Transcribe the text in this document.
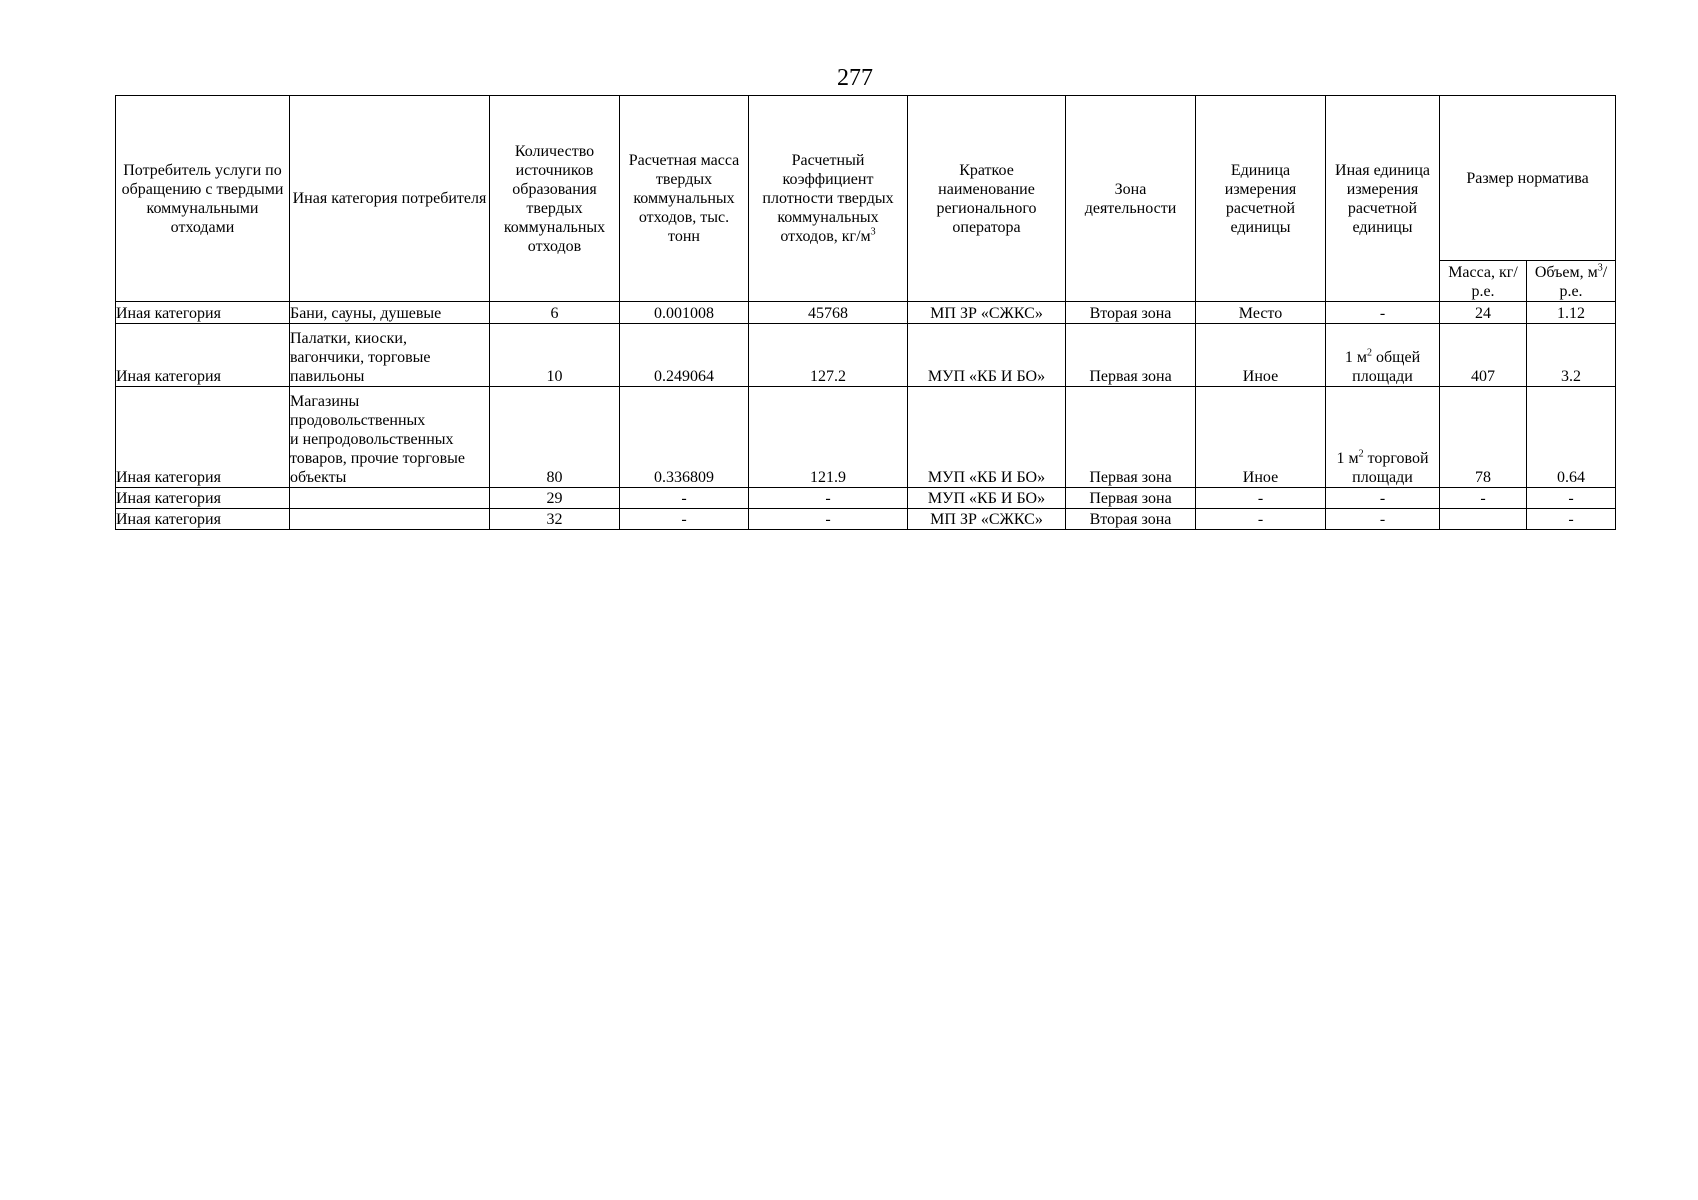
277
Потребитель услуги по обращению с твердыми коммунальными отходами	Иная категория потребителя	Количество источников образования твердых коммунальных отходов	Расчетная масса твердых коммунальных отходов, тыс. тонн	Расчетный коэффициент плотности твердых коммунальных отходов, $кг/м^3$	Краткое наименование регионального оператора	Зона деятельности	Единица измерения расчетной единицы	Иная единица измерения расчетной единицы	Размер норматива	
									Масса, кг/р.е.	Объем, $м^3/р.е$.
Иная категория	Бани, сауны, душевые	6	0.001008	45768	МП ЗР «СЖКС»	Вторая зона	Место	-	24	1.12
Иная категория	Палатки, киоски,
вагончики, торговые
павильоны	10	0.249064	127.2	МУП «КБ И БО»	Первая зона	Иное	1 $м^2$ общей
площади	407	3.2
Иная категория	Магазины
продовольственных
и непродовольственных
товаров, прочие торговые
объекты	80	0.336809	121.9	МУП «КБ И БО»	Первая зона	Иное	1 $м^2$ торговой
площади	78	0.64
Иная категория		29	-	-	МУП «КБ И БО»	Первая зона	-	-	-	-
Иная категория		32	-	-	МП ЗР «СЖКС»	Вторая зона	-	-		-
